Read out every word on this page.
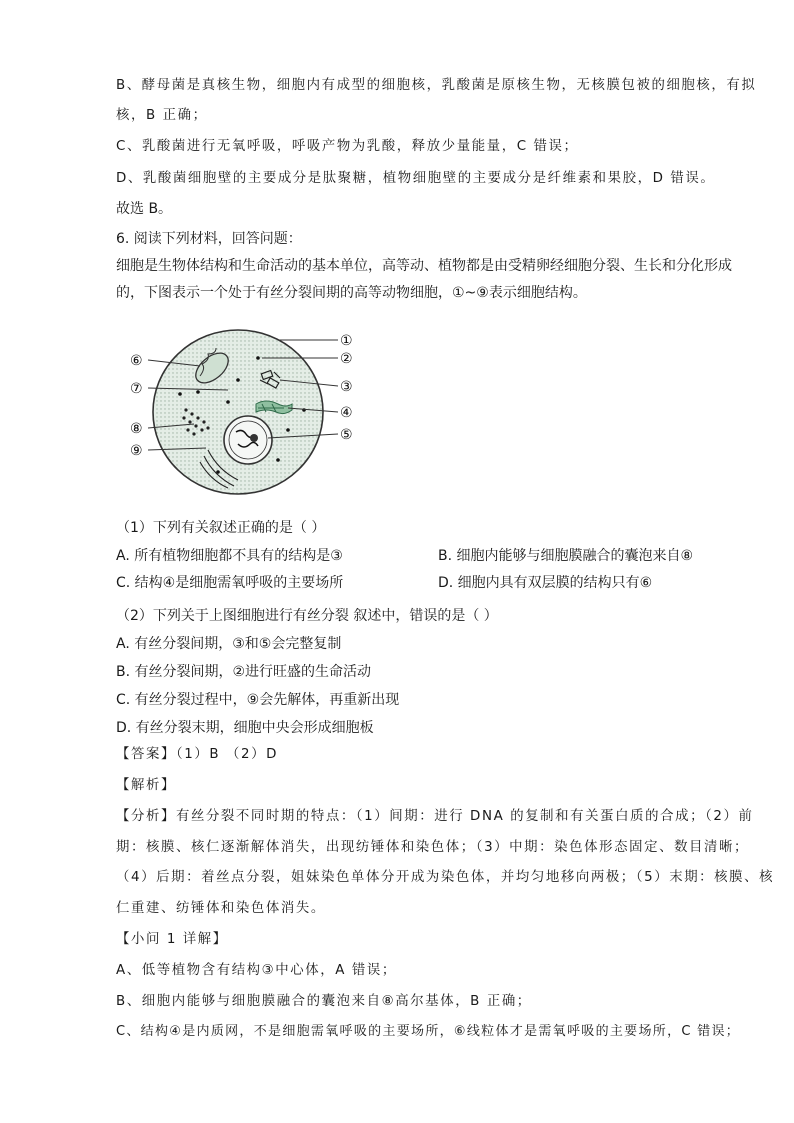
B、酵母菌是真核生物，细胞内有成型的细胞核，乳酸菌是原核生物，无核膜包被的细胞核，有拟
核，B 正确；
C、乳酸菌进行无氧呼吸，呼吸产物为乳酸，释放少量能量，C 错误；
D、乳酸菌细胞壁的主要成分是肽聚糖，植物细胞壁的主要成分是纤维素和果胶，D 错误。
故选 B。
6. 阅读下列材料，回答问题：
细胞是生物体结构和生命活动的基本单位，高等动、植物都是由受精卵经细胞分裂、生长和分化形成
的，下图表示一个处于有丝分裂间期的高等动物细胞，①~⑨表示细胞结构。
①
②
③
④
⑤
⑥
⑦
⑧
⑨
（1）下列有关叙述正确的是（ ）
A. 所有植物细胞都不具有的结构是③	B. 细胞内能够与细胞膜融合的囊泡来自⑧
C. 结构④是细胞需氧呼吸的主要场所	D. 细胞内具有双层膜的结构只有⑥
（2）下列关于上图细胞进行有丝分裂 叙述中，错误的是（ ）
A. 有丝分裂间期，③和⑤会完整复制
B. 有丝分裂间期，②进行旺盛的生命活动
C. 有丝分裂过程中，⑨会先解体，再重新出现
D. 有丝分裂末期，细胞中央会形成细胞板
【答案】（1）B （2）D
【解析】
【分析】有丝分裂不同时期的特点：（1）间期：进行 DNA 的复制和有关蛋白质的合成；（2）前
期：核膜、核仁逐渐解体消失，出现纺锤体和染色体；（3）中期：染色体形态固定、数目清晰；
（4）后期：着丝点分裂，姐妹染色单体分开成为染色体，并均匀地移向两极；（5）末期：核膜、核
仁重建、纺锤体和染色体消失。
【小问 1 详解】
A、低等植物含有结构③中心体，A 错误；
B、细胞内能够与细胞膜融合的囊泡来自⑧高尔基体，B 正确；
C、结构④是内质网，不是细胞需氧呼吸的主要场所，⑥线粒体才是需氧呼吸的主要场所，C 错误；
